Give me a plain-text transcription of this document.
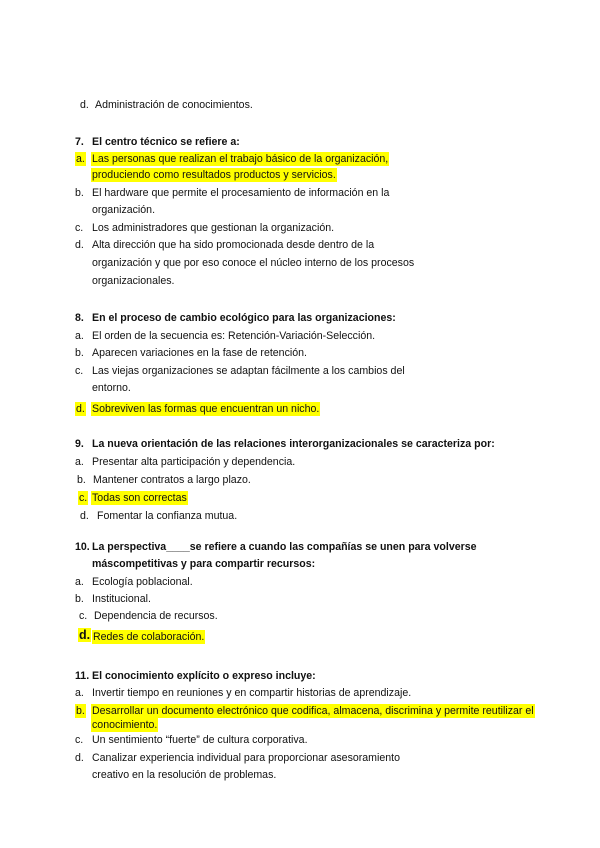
d. Administración de conocimientos.
7. El centro técnico se refiere a:
a. Las personas que realizan el trabajo básico de la organización,
produciendo como resultados productos y servicios.
b. El hardware que permite el procesamiento de información en la
organización.
c. Los administradores que gestionan la organización.
d. Alta dirección que ha sido promocionada desde dentro de la
organización y que por eso conoce el núcleo interno de los procesos
organizacionales.
8. En el proceso de cambio ecológico para las organizaciones:
a. El orden de la secuencia es: Retención-Variación-Selección.
b. Aparecen variaciones en la fase de retención.
c. Las viejas organizaciones se adaptan fácilmente a los cambios del
entorno.
d. Sobreviven las formas que encuentran un nicho.
9. La nueva orientación de las relaciones interorganizacionales se caracteriza por:
a. Presentar alta participación y dependencia.
b. Mantener contratos a largo plazo.
c. Todas son correctas
d. Fomentar la confianza mutua.
10. La perspectiva____se refiere a cuando las compañías se unen para volverse
máscompetitivas y para compartir recursos:
a. Ecología poblacional.
b. Institucional.
c. Dependencia de recursos.
d. Redes de colaboración.
11. El conocimiento explícito o expreso incluye:
a. Invertir tiempo en reuniones y en compartir historias de aprendizaje.
b. Desarrollar un documento electrónico que codifica, almacena, discrimina y permite reutilizar el
conocimiento.
c. Un sentimiento “fuerte” de cultura corporativa.
d. Canalizar experiencia individual para proporcionar asesoramiento
creativo en la resolución de problemas.
